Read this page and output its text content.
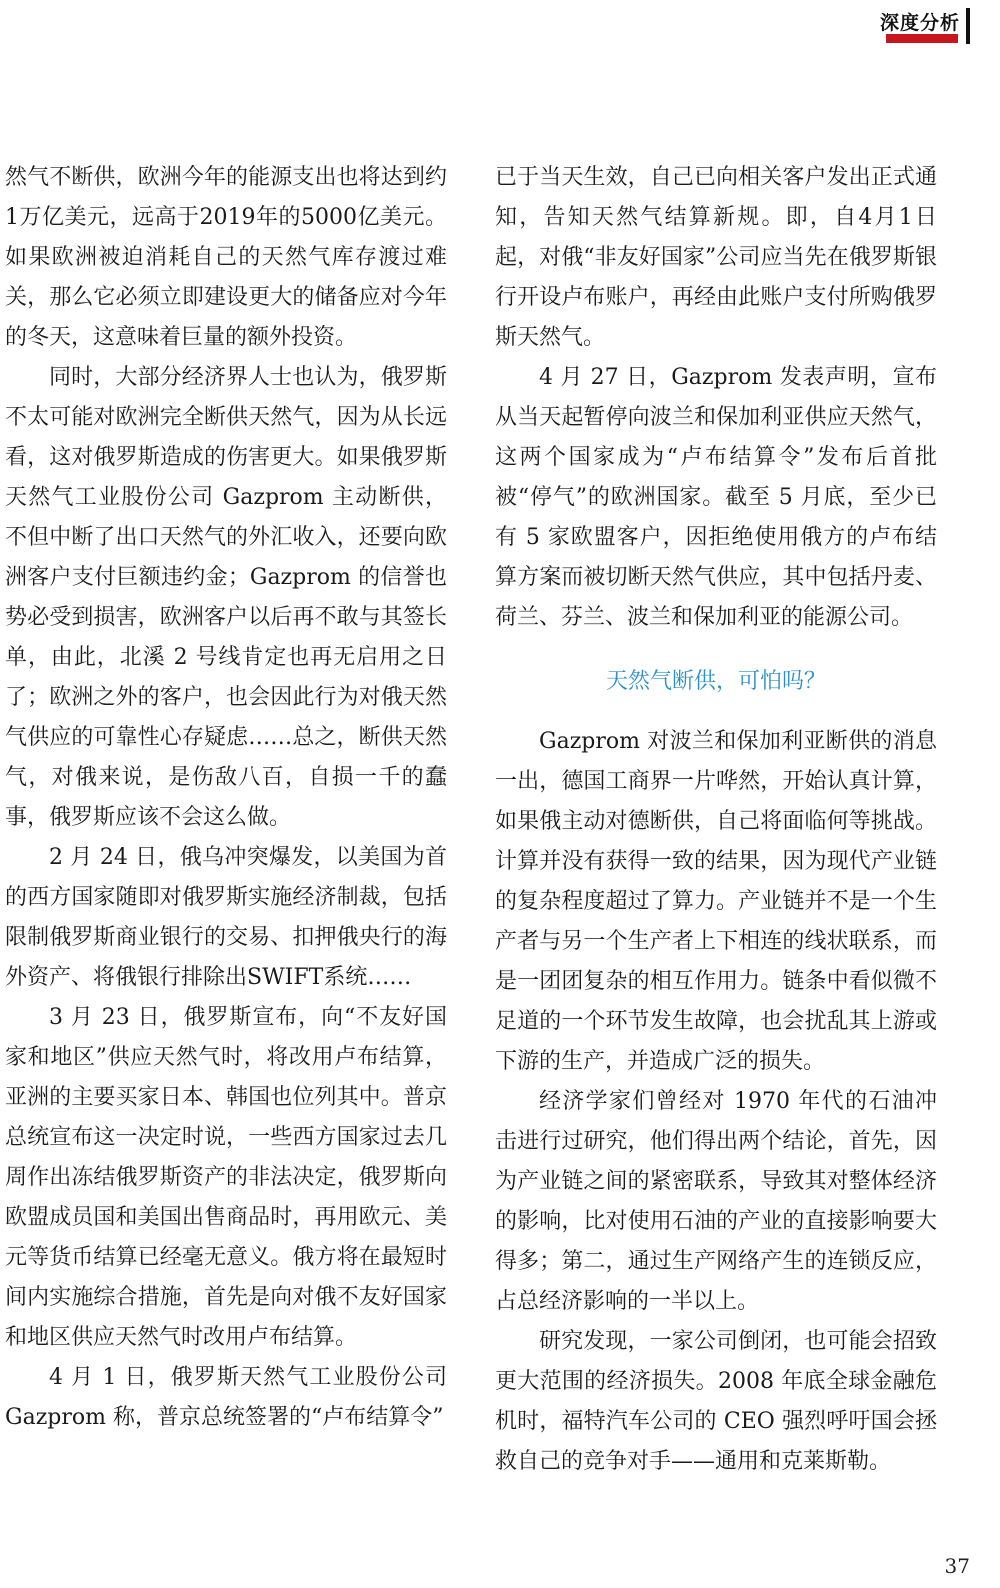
深度分析

然气不断供，欧洲今年的能源支出也将达到约1万亿美元，远高于2019年的5000亿美元。如果欧洲被迫消耗自己的天然气库存渡过难关，那么它必须立即建设更大的储备应对今年的冬天，这意味着巨量的额外投资。

同时，大部分经济界人士也认为，俄罗斯不太可能对欧洲完全断供天然气，因为从长远看，这对俄罗斯造成的伤害更大。如果俄罗斯天然气工业股份公司 Gazprom 主动断供，不但中断了出口天然气的外汇收入，还要向欧洲客户支付巨额违约金；Gazprom 的信誉也势必受到损害，欧洲客户以后再不敢与其签长单，由此，北溪 2 号线肯定也再无启用之日了；欧洲之外的客户，也会因此行为对俄天然气供应的可靠性心存疑虑……总之，断供天然气，对俄来说，是伤敌八百，自损一千的蠢事，俄罗斯应该不会这么做。

2 月 24 日，俄乌冲突爆发，以美国为首的西方国家随即对俄罗斯实施经济制裁，包括限制俄罗斯商业银行的交易、扣押俄央行的海外资产、将俄银行排除出SWIFT系统……

3 月 23 日，俄罗斯宣布，向“不友好国家和地区”供应天然气时，将改用卢布结算，亚洲的主要买家日本、韩国也位列其中。普京总统宣布这一决定时说，一些西方国家过去几周作出冻结俄罗斯资产的非法决定，俄罗斯向欧盟成员国和美国出售商品时，再用欧元、美元等货币结算已经毫无意义。俄方将在最短时间内实施综合措施，首先是向对俄不友好国家和地区供应天然气时改用卢布结算。

4 月 1 日，俄罗斯天然气工业股份公司 Gazprom 称，普京总统签署的“卢布结算令”

已于当天生效，自己已向相关客户发出正式通知，告知天然气结算新规。即，自4月1日起，对俄“非友好国家”公司应当先在俄罗斯银行开设卢布账户，再经由此账户支付所购俄罗斯天然气。

4 月 27 日，Gazprom 发表声明，宣布从当天起暂停向波兰和保加利亚供应天然气，这两个国家成为“卢布结算令”发布后首批被“停气”的欧洲国家。截至 5 月底，至少已有 5 家欧盟客户，因拒绝使用俄方的卢布结算方案而被切断天然气供应，其中包括丹麦、荷兰、芬兰、波兰和保加利亚的能源公司。

天然气断供，可怕吗？

Gazprom 对波兰和保加利亚断供的消息一出，德国工商界一片哗然，开始认真计算，如果俄主动对德断供，自己将面临何等挑战。计算并没有获得一致的结果，因为现代产业链的复杂程度超过了算力。产业链并不是一个生产者与另一个生产者上下相连的线状联系，而是一团团复杂的相互作用力。链条中看似微不足道的一个环节发生故障，也会扰乱其上游或下游的生产，并造成广泛的损失。

经济学家们曾经对 1970 年代的石油冲击进行过研究，他们得出两个结论，首先，因为产业链之间的紧密联系，导致其对整体经济的影响，比对使用石油的产业的直接影响要大得多；第二，通过生产网络产生的连锁反应，占总经济影响的一半以上。

研究发现，一家公司倒闭，也可能会招致更大范围的经济损失。2008 年底全球金融危机时，福特汽车公司的 CEO 强烈呼吁国会拯救自己的竞争对手——通用和克莱斯勒。

37
